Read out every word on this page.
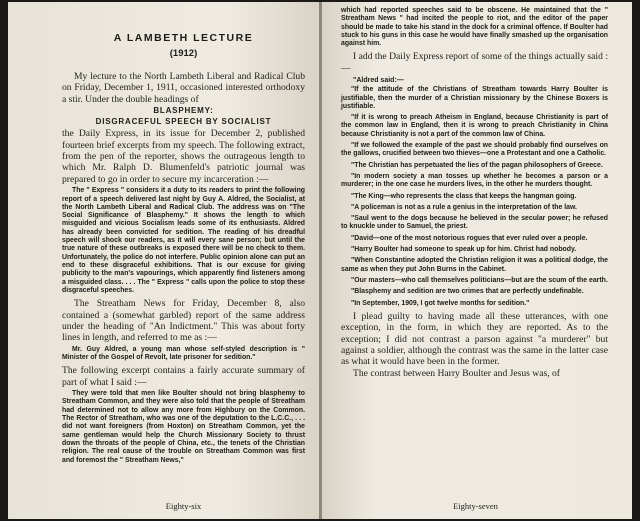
A LAMBETH LECTURE
(1912)

My lecture to the North Lambeth Liberal and Radical Club on Friday, December 1, 1911, occasioned interested orthodoxy a stir. Under the double headings of

BLASPHEMY:
DISGRACEFUL SPEECH BY SOCIALIST

the Daily Express, in its issue for December 2, published fourteen brief excerpts from my speech. The following extract, from the pen of the reporter, shows the outrageous length to which Mr. Ralph D. Blumenfeld's patriotic journal was prepared to go in order to secure my incarceration :—

The " Express " considers it a duty to its readers to print the following report of a speech delivered last night by Guy A. Aldred, the Socialist, at the North Lambeth Liberal and Radical Club. The address was on "The Social Significance of Blasphemy." It shows the length to which misguided and vicious Socialism leads some of its enthusiasts. Aldred has already been convicted for sedition. The reading of his dreadful speech will shock our readers, as it will every sane person; but until the true nature of these outbreaks is exposed there will be no check to them. Unfortunately, the police do not interfere. Public opinion alone can put an end to these disgraceful exhibitions. That is our excuse for giving publicity to the man's vapourings, which apparently find listeners among a misguided class. . . . The " Express " calls upon the police to stop these disgraceful speeches.

The Streatham News for Friday, December 8, also contained a (somewhat garbled) report of the same address under the heading of "An Indictment." This was about forty lines in length, and referred to me as :—

Mr. Guy Aldred, a young man whose self-styled description is " Minister of the Gospel of Revolt, late prisoner for sedition."

The following excerpt contains a fairly accurate summary of part of what I said :—

They were told that men like Boulter should not bring blasphemy to Streatham Common, and they were also told that the people of Streatham had determined not to allow any more from Highbury on the Common. The Rector of Streatham, who was one of the deputation to the L.C.C., . . . did not want foreigners (from Hoxton) on Streatham Common, yet the same gentleman would help the Church Missionary Society to thrust down the throats of the people of China, etc., the tenets of the Christian religion. The real cause of the trouble on Streatham Common was first and foremost the " Streatham News,"

Eighty-six

which had reported speeches said to be obscene. He maintained that the " Streatham News " had incited the people to riot, and the editor of the paper should be made to take his stand in the dock for a criminal offence. If Boulter had stuck to his guns in this case he would have finally smashed up the organisation against him.

I add the Daily Express report of some of the things actually said :—

"Aldred said:—

"If the attitude of the Christians of Streatham towards Harry Boulter is justifiable, then the murder of a Christian missionary by the Chinese Boxers is justifiable.

"If it is wrong to preach Atheism in England, because Christianity is part of the common law in England, then it is wrong to preach Christianity in China because Christianity is not a part of the common law of China.

"If we followed the example of the past we should probably find ourselves on the gallows, crucified between two thieves—one a Protestant and one a Catholic.

"The Christian has perpetuated the lies of the pagan philosophers of Greece.

"In modern society a man tosses up whether he becomes a parson or a murderer; in the one case he murders lives, in the other he murders thought.

"The King—who represents the class that keeps the hangman going.

"A policeman is not as a rule a genius in the interpretation of the law.

"Saul went to the dogs because he believed in the secular power; he refused to knuckle under to Samuel, the priest.

"David—one of the most notorious rogues that ever ruled over a people.

"Harry Boulter had someone to speak up for him. Christ had nobody.

"When Constantine adopted the Christian religion it was a political dodge, the same as when they put John Burns in the Cabinet.

"Our masters—who call themselves politicians—but are the scum of the earth.

"Blasphemy and sedition are two crimes that are perfectly undefinable.

"In September, 1909, I got twelve months for sedition."

I plead guilty to having made all these utterances, with one exception, in the form, in which they are reported. As to the exception; I did not contrast a parson against "a murderer" but against a soldier, although the contrast was the same in the latter case as what it would have been in the former.

The contrast between Harry Boulter and Jesus was, of

Eighty-seven
